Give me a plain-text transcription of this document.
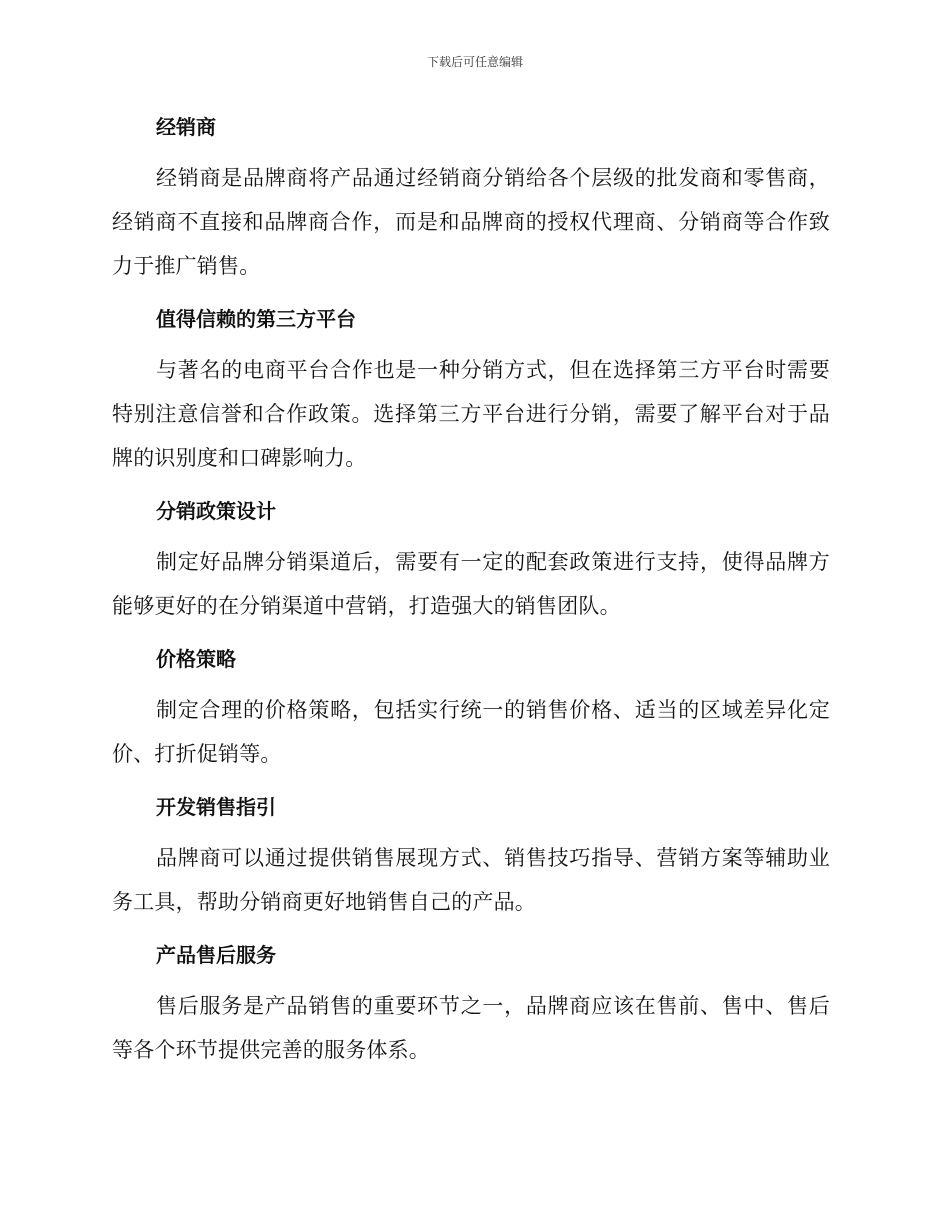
下载后可任意编辑
经销商
经销商是品牌商将产品通过经销商分销给各个层级的批发商和零售商，经销商不直接和品牌商合作，而是和品牌商的授权代理商、分销商等合作致力于推广销售。
值得信赖的第三方平台
与著名的电商平台合作也是一种分销方式，但在选择第三方平台时需要特别注意信誉和合作政策。选择第三方平台进行分销，需要了解平台对于品牌的识别度和口碑影响力。
分销政策设计
制定好品牌分销渠道后，需要有一定的配套政策进行支持，使得品牌方能够更好的在分销渠道中营销，打造强大的销售团队。
价格策略
制定合理的价格策略，包括实行统一的销售价格、适当的区域差异化定价、打折促销等。
开发销售指引
品牌商可以通过提供销售展现方式、销售技巧指导、营销方案等辅助业务工具，帮助分销商更好地销售自己的产品。
产品售后服务
售后服务是产品销售的重要环节之一，品牌商应该在售前、售中、售后等各个环节提供完善的服务体系。
